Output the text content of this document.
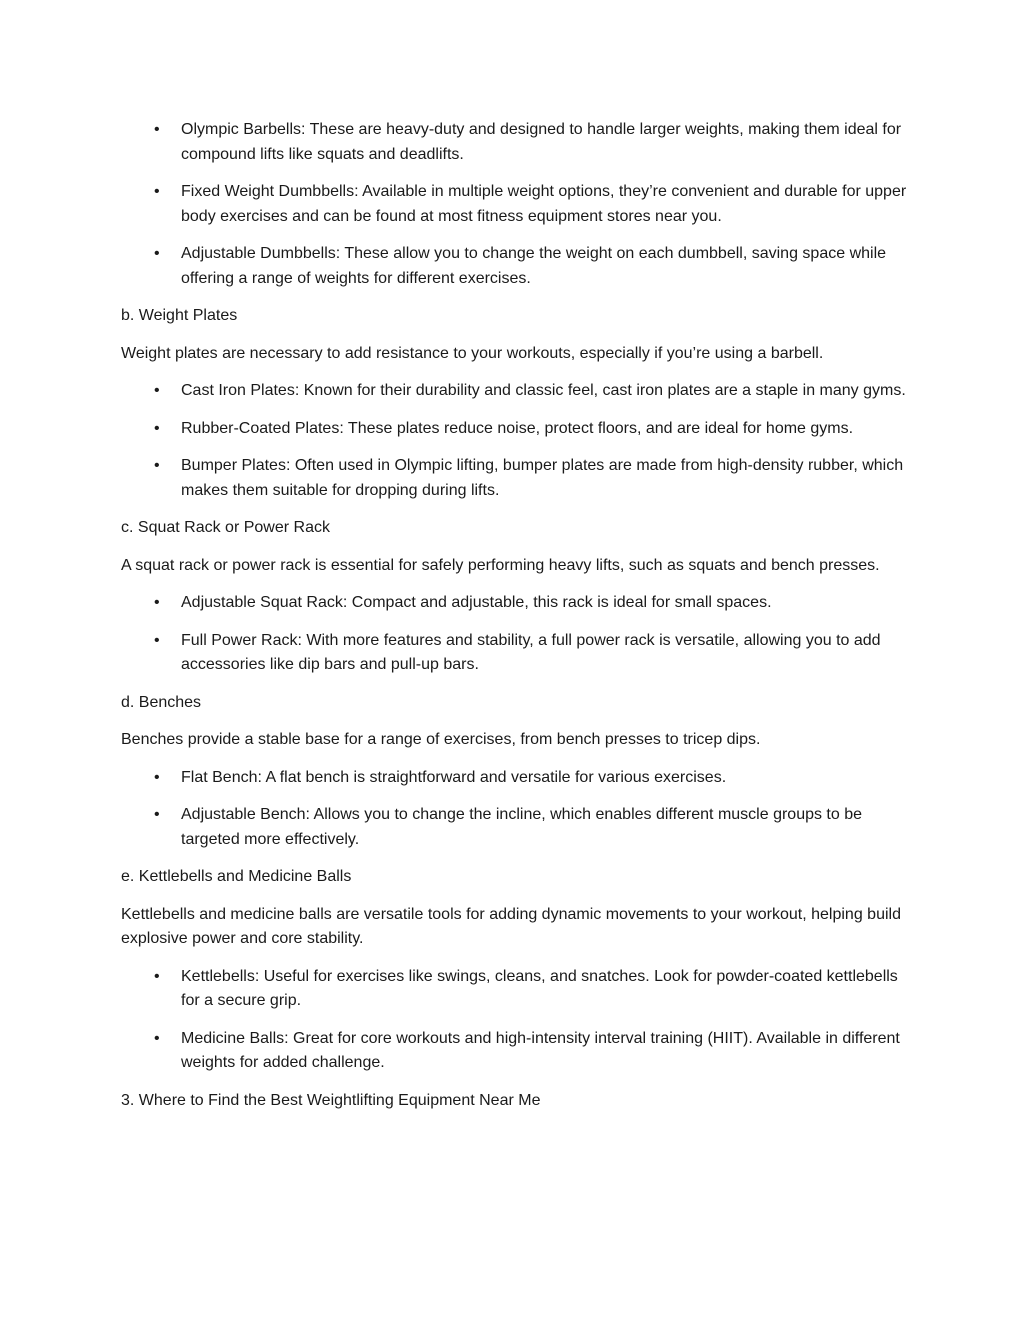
• Olympic Barbells: These are heavy-duty and designed to handle larger weights, making them ideal for compound lifts like squats and deadlifts.
• Fixed Weight Dumbbells: Available in multiple weight options, they’re convenient and durable for upper body exercises and can be found at most fitness equipment stores near you.
• Adjustable Dumbbells: These allow you to change the weight on each dumbbell, saving space while offering a range of weights for different exercises.

b. Weight Plates

Weight plates are necessary to add resistance to your workouts, especially if you’re using a barbell.

• Cast Iron Plates: Known for their durability and classic feel, cast iron plates are a staple in many gyms.
• Rubber-Coated Plates: These plates reduce noise, protect floors, and are ideal for home gyms.
• Bumper Plates: Often used in Olympic lifting, bumper plates are made from high-density rubber, which makes them suitable for dropping during lifts.

c. Squat Rack or Power Rack

A squat rack or power rack is essential for safely performing heavy lifts, such as squats and bench presses.

• Adjustable Squat Rack: Compact and adjustable, this rack is ideal for small spaces.
• Full Power Rack: With more features and stability, a full power rack is versatile, allowing you to add accessories like dip bars and pull-up bars.

d. Benches

Benches provide a stable base for a range of exercises, from bench presses to tricep dips.

• Flat Bench: A flat bench is straightforward and versatile for various exercises.
• Adjustable Bench: Allows you to change the incline, which enables different muscle groups to be targeted more effectively.

e. Kettlebells and Medicine Balls

Kettlebells and medicine balls are versatile tools for adding dynamic movements to your workout, helping build explosive power and core stability.

• Kettlebells: Useful for exercises like swings, cleans, and snatches. Look for powder-coated kettlebells for a secure grip.
• Medicine Balls: Great for core workouts and high-intensity interval training (HIIT). Available in different weights for added challenge.

3. Where to Find the Best Weightlifting Equipment Near Me
